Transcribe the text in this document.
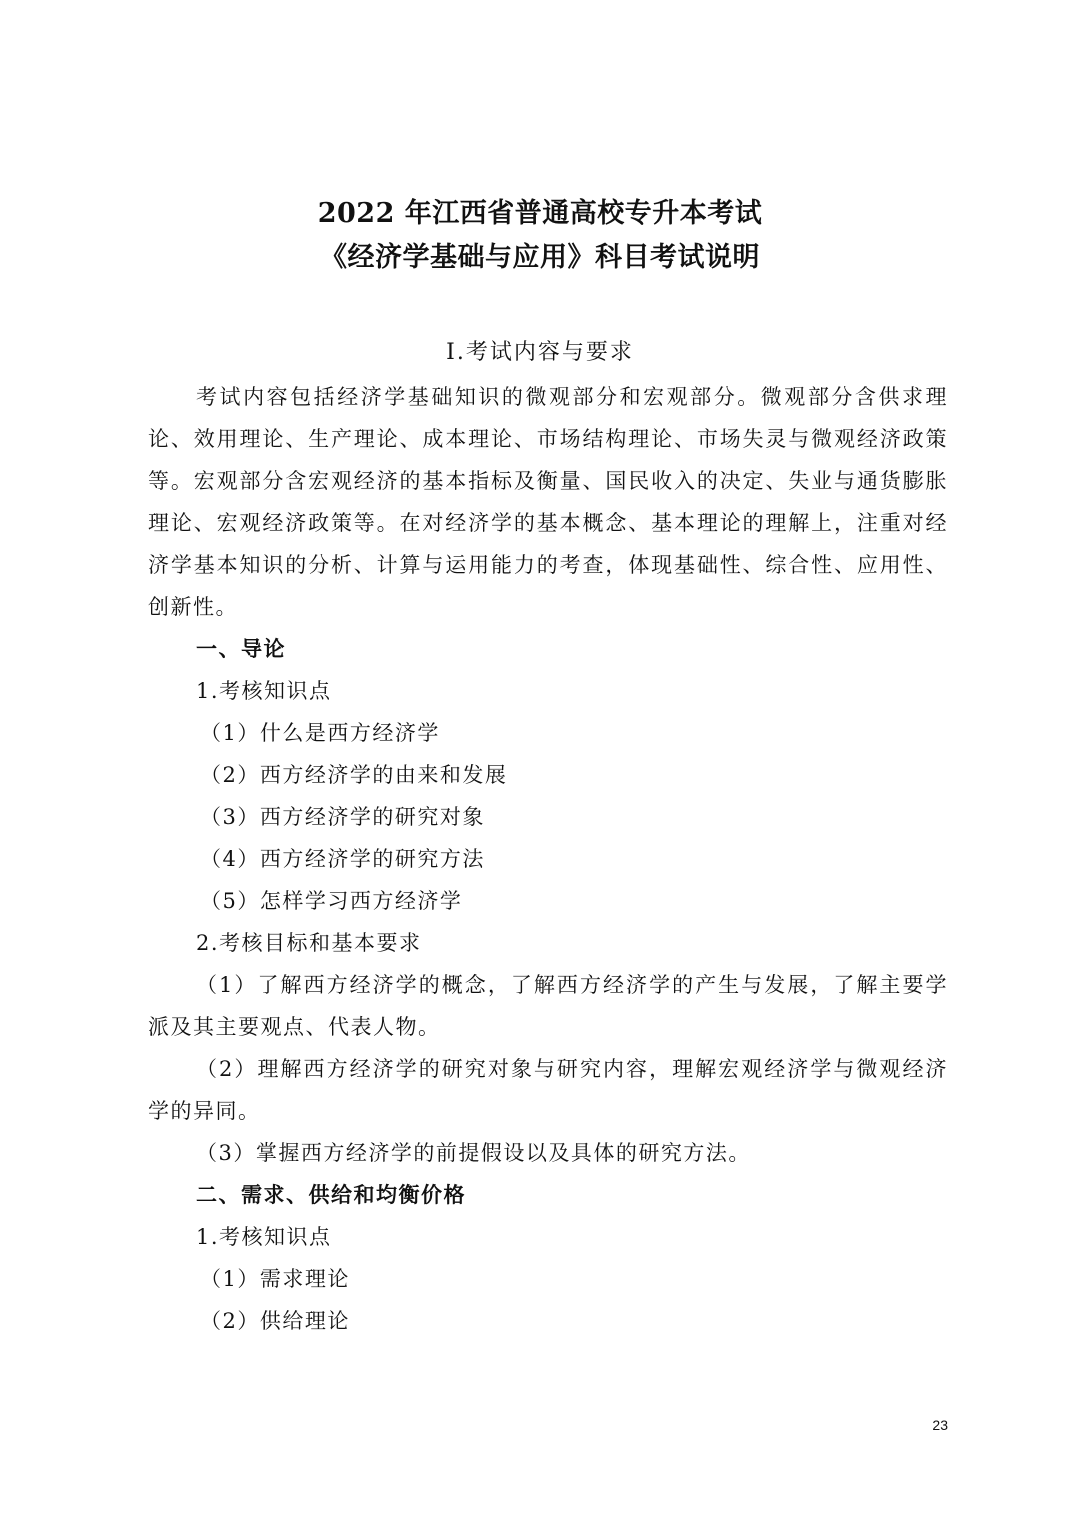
2022 年江西省普通高校专升本考试
《经济学基础与应用》科目考试说明
Ⅰ.考试内容与要求

考试内容包括经济学基础知识的微观部分和宏观部分。微观部分含供求理论、效用理论、生产理论、成本理论、市场结构理论、市场失灵与微观经济政策等。宏观部分含宏观经济的基本指标及衡量、国民收入的决定、失业与通货膨胀理论、宏观经济政策等。在对经济学的基本概念、基本理论的理解上，注重对经济学基本知识的分析、计算与运用能力的考查，体现基础性、综合性、应用性、创新性。

一、导论

1.考核知识点

（1）什么是西方经济学

（2）西方经济学的由来和发展

（3）西方经济学的研究对象

（4）西方经济学的研究方法

（5）怎样学习西方经济学

2.考核目标和基本要求

（1）了解西方经济学的概念，了解西方经济学的产生与发展，了解主要学派及其主要观点、代表人物。

（2）理解西方经济学的研究对象与研究内容，理解宏观经济学与微观经济学的异同。

（3）掌握西方经济学的前提假设以及具体的研究方法。

二、需求、供给和均衡价格

1.考核知识点

（1）需求理论

（2）供给理论

23
